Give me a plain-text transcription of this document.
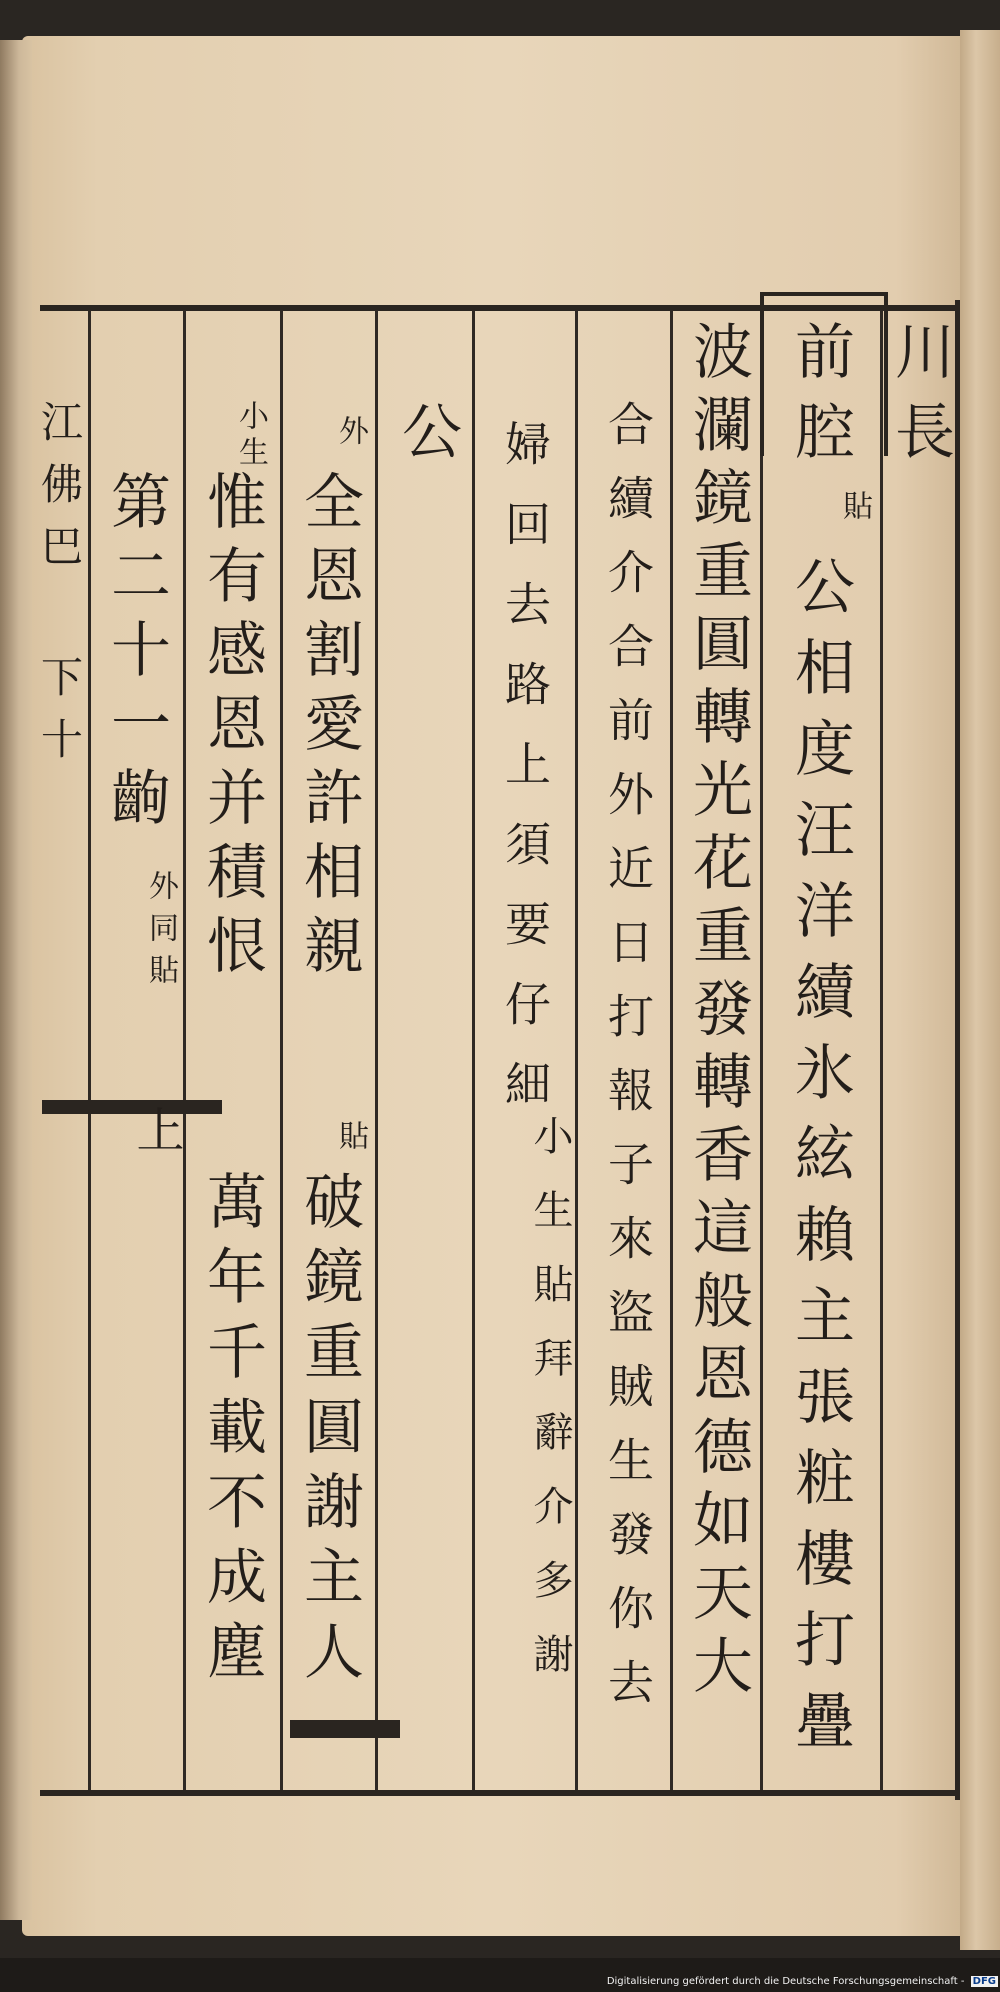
江佛巴 下十	川長
前腔
貼
公相度汪洋續氷絃賴主張粧樓打疊
波瀾鏡重圓轉光花重發轉香這般恩德如天大
合續介合前外近日打報子來盜賊生發你去
婦回去路上須要仔細
小生貼拜辭介多謝
公
外
全恩割愛許相親
貼
破鏡重圓謝主人
小生
惟有感恩并積恨
萬年千載不成塵
第二十一齣
外同貼
上
Digitalisierung gefördert durch die Deutsche Forschungsgemeinschaft - DFG
